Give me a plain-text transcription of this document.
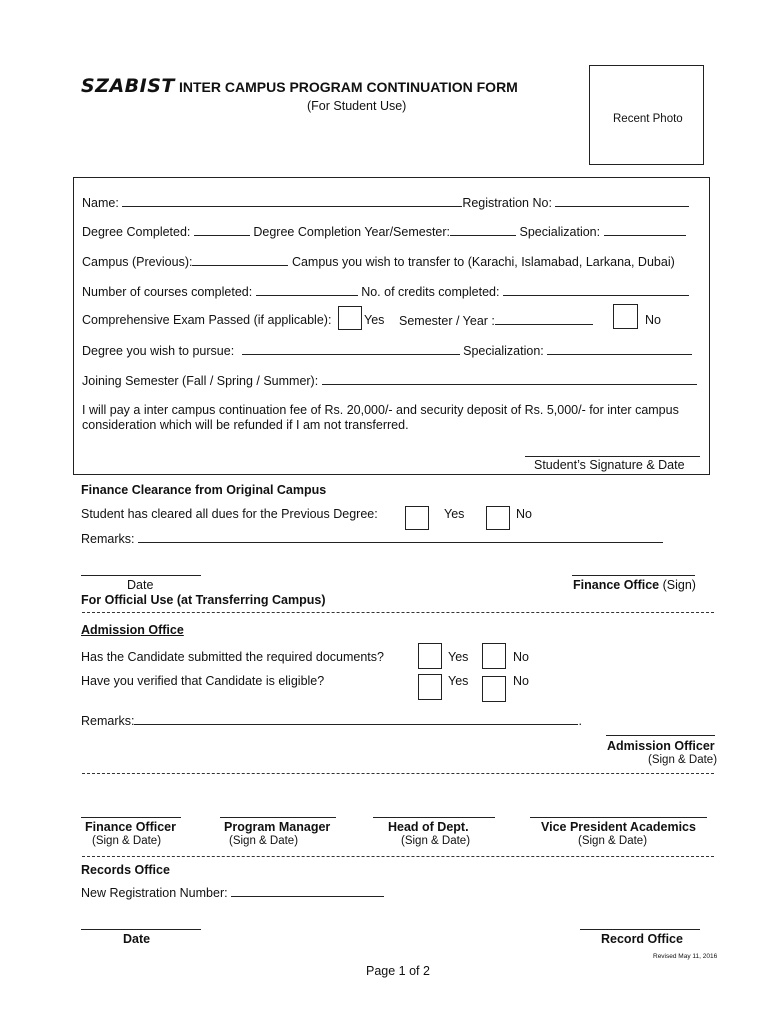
SZABIST INTER CAMPUS PROGRAM CONTINUATION FORM
(For Student Use)
Recent Photo
Name:	Registration No:
Degree Completed:	Degree Completion Year/Semester:	Specialization:
Campus (Previous):	Campus you wish to transfer to (Karachi, Islamabad, Larkana, Dubai)
Number of courses completed:	No. of credits completed:
Comprehensive Exam Passed (if applicable):	Yes Semester / Year :	No
Degree you wish to pursue:	Specialization:
Joining Semester (Fall / Spring / Summer):
I will pay a inter campus continuation fee of Rs. 20,000/- and security deposit of Rs. 5,000/- for inter campus
consideration which will be refunded if I am not transferred.
Student’s Signature & Date
Finance Clearance from Original Campus
Student has cleared all dues for the Previous Degree:	Yes	No
Remarks:
Date	Finance Office (Sign)
For Official Use (at Transferring Campus)
Admission Office
Has the Candidate submitted the required documents?	Yes	No
Have you verified that Candidate is eligible?	Yes	No
Remarks:	.
Admission Officer
(Sign & Date)
Finance Officer
(Sign & Date)
Program Manager
(Sign & Date)
Head of Dept.
(Sign & Date)
Vice President Academics
(Sign & Date)
Records Office
New Registration Number:
Date	Record Office
Revised May 11, 2016
Page 1 of 2
